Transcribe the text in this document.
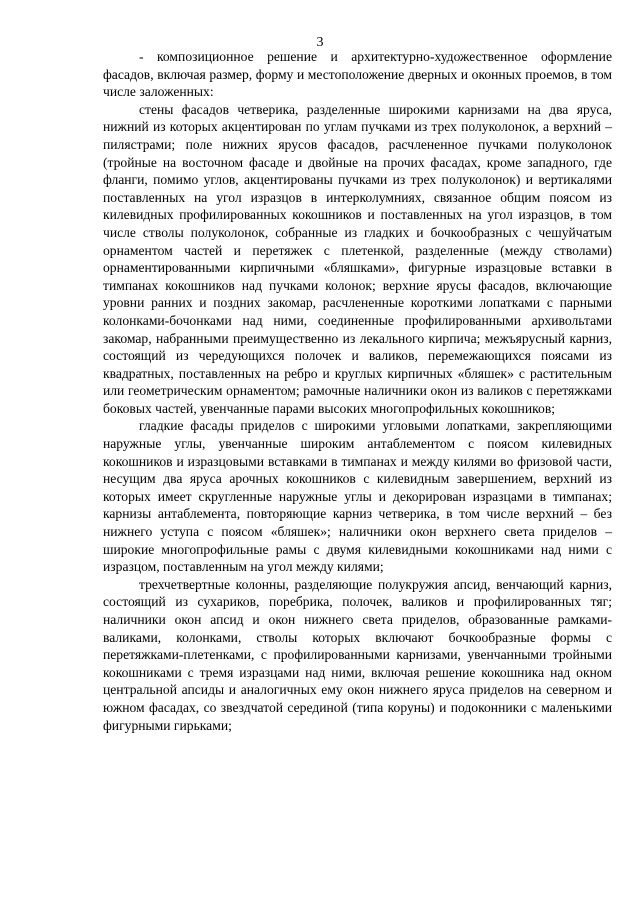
3

- композиционное решение и архитектурно-художественное оформление фасадов, включая размер, форму и местоположение дверных и оконных проемов, в том числе заложенных:

стены фасадов четверика, разделенные широкими карнизами на два яруса, нижний из которых акцентирован по углам пучками из трех полуколонок, а верхний – пилястрами; поле нижних ярусов фасадов, расчлененное пучками полуколонок (тройные на восточном фасаде и двойные на прочих фасадах, кроме западного, где фланги, помимо углов, акцентированы пучками из трех полуколонок) и вертикалями поставленных на угол изразцов в интерколумниях, связанное общим поясом из килевидных профилированных кокошников и поставленных на угол изразцов, в том числе стволы полуколонок, собранные из гладких и бочкообразных с чешуйчатым орнаментом частей и перетяжек с плетенкой, разделенные (между стволами) орнаментированными кирпичными «бляшками», фигурные изразцовые вставки в тимпанах кокошников над пучками колонок; верхние ярусы фасадов, включающие уровни ранних и поздних закомар, расчлененные короткими лопатками с парными колонками-бочонками над ними, соединенные профилированными архивольтами закомар, набранными преимущественно из лекального кирпича; межъярусный карниз, состоящий из чередующихся полочек и валиков, перемежающихся поясами из квадратных, поставленных на ребро и круглых кирпичных «бляшек» с растительным или геометрическим орнаментом; рамочные наличники окон из валиков с перетяжками боковых частей, увенчанные парами высоких многопрофильных кокошников;

гладкие фасады приделов с широкими угловыми лопатками, закрепляющими наружные углы, увенчанные широким антаблементом с поясом килевидных кокошников и изразцовыми вставками в тимпанах и между килями во фризовой части, несущим два яруса арочных кокошников с килевидным завершением, верхний из которых имеет скругленные наружные углы и декорирован изразцами в тимпанах; карнизы антаблемента, повторяющие карниз четверика, в том числе верхний – без нижнего уступа с поясом «бляшек»; наличники окон верхнего света приделов – широкие многопрофильные рамы с двумя килевидными кокошниками над ними с изразцом, поставленным на угол между килями;

трехчетвертные колонны, разделяющие полукружия апсид, венчающий карниз, состоящий из сухариков, поребрика, полочек, валиков и профилированных тяг; наличники окон апсид и окон нижнего света приделов, образованные рамками-валиками, колонками, стволы которых включают бочкообразные формы с перетяжками-плетенками, с профилированными карнизами, увенчанными тройными кокошниками с тремя изразцами над ними, включая решение кокошника над окном центральной апсиды и аналогичных ему окон нижнего яруса приделов на северном и южном фасадах, со звездчатой серединой (типа коруны) и подоконники с маленькими фигурными гирьками;
